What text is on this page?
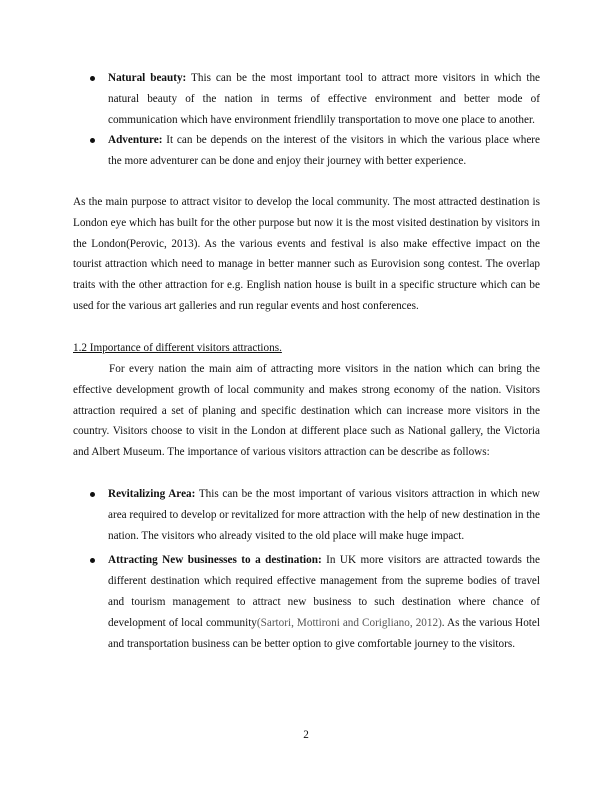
Natural beauty: This can be the most important tool to attract more visitors in which the natural beauty of the nation in terms of effective environment and better mode of communication which have environment friendlily transportation to move one place to another.
Adventure: It can be depends on the interest of the visitors in which the various place where the more adventurer can be done and enjoy their journey with better experience.

As the main purpose to attract visitor to develop the local community. The most attracted destination is London eye which has built for the other purpose but now it is the most visited destination by visitors in the London(Perovic, 2013). As the various events and festival is also make effective impact on the tourist attraction which need to manage in better manner such as Eurovision song contest. The overlap traits with the other attraction for e.g. English nation house is built in a specific structure which can be used for the various art galleries and run regular events and host conferences.

1.2 Importance of different visitors attractions.

For every nation the main aim of attracting more visitors in the nation which can bring the effective development growth of local community and makes strong economy of the nation. Visitors attraction required a set of planing and specific destination which can increase more visitors in the country. Visitors choose to visit in the London at different place such as National gallery, the Victoria and Albert Museum. The importance of various visitors attraction can be describe as follows:

Revitalizing Area: This can be the most important of various visitors attraction in which new area required to develop or revitalized for more attraction with the help of new destination in the nation. The visitors who already visited to the old place will make huge impact.
Attracting New businesses to a destination: In UK more visitors are attracted towards the different destination which required effective management from the supreme bodies of travel and tourism management to attract new business to such destination where chance of development of local community(Sartori, Mottironi and Corigliano, 2012). As the various Hotel and transportation business can be better option to give comfortable journey to the visitors.
2
